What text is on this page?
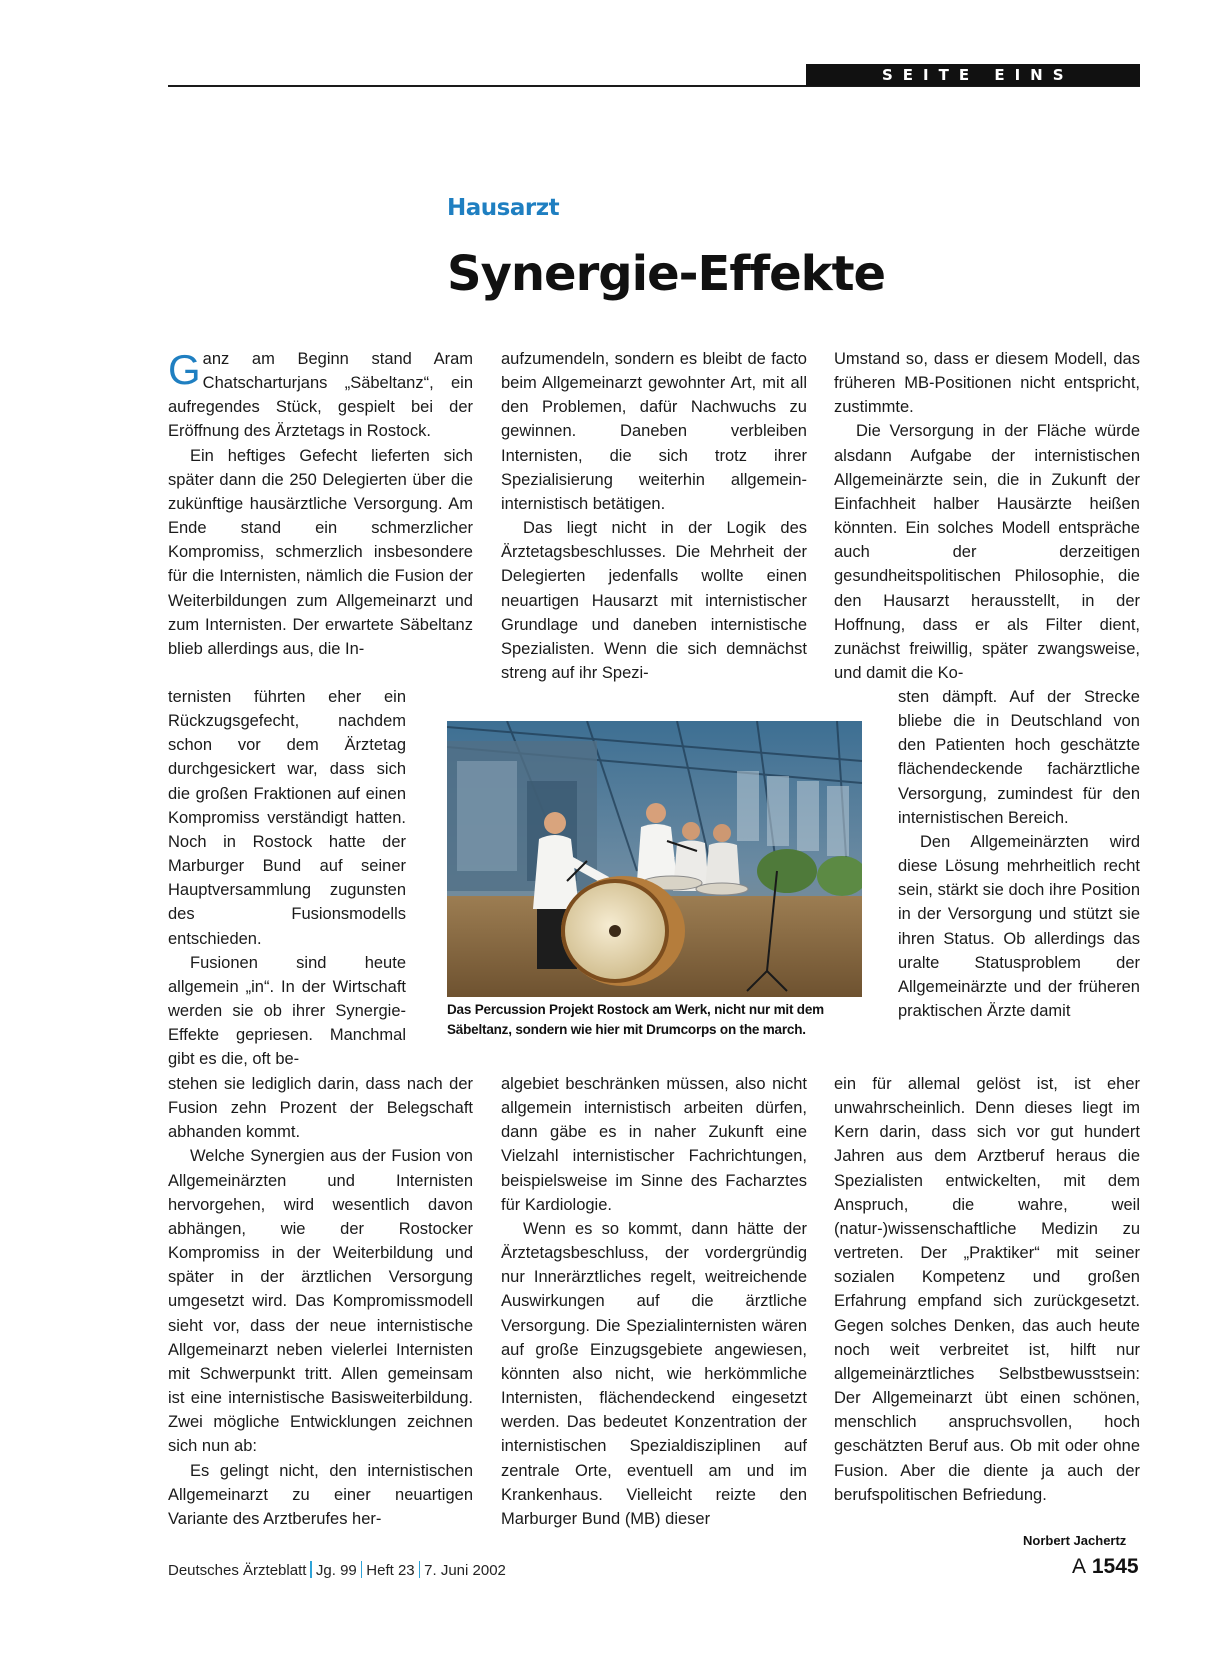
SEITE EINS
Hausarzt
Synergie-Effekte

Ganz am Beginn stand Aram Chatscharturjans „Säbeltanz“, ein aufregendes Stück, gespielt bei der Eröffnung des Ärztetags in Rostock.

Ein heftiges Gefecht lieferten sich später dann die 250 Delegierten über die zukünftige hausärztliche Versorgung. Am Ende stand ein schmerzlicher Kompromiss, schmerzlich insbesondere für die Internisten, nämlich die Fusion der Weiterbildungen zum Allgemeinarzt und zum Internisten. Der erwartete Säbeltanz blieb allerdings aus, die In-

ternisten führten eher ein Rückzugsgefecht, nachdem schon vor dem Ärztetag durchgesickert war, dass sich die großen Fraktionen auf einen Kompromiss verständigt hatten. Noch in Rostock hatte der Marburger Bund auf seiner Hauptversammlung zugunsten des Fusionsmodells entschieden.

Fusionen sind heute allgemein „in“. In der Wirtschaft werden sie ob ihrer Synergie-Effekte gepriesen. Manchmal gibt es die, oft be-

stehen sie lediglich darin, dass nach der Fusion zehn Prozent der Belegschaft abhanden kommt.

Welche Synergien aus der Fusion von Allgemeinärzten und Internisten hervorgehen, wird wesentlich davon abhängen, wie der Rostocker Kompromiss in der Weiterbildung und später in der ärztlichen Versorgung umgesetzt wird. Das Kompromissmodell sieht vor, dass der neue internistische Allgemeinarzt neben vielerlei Internisten mit Schwerpunkt tritt. Allen gemeinsam ist eine internistische Basisweiterbildung. Zwei mögliche Entwicklungen zeichnen sich nun ab:

Es gelingt nicht, den internistischen Allgemeinarzt zu einer neuartigen Variante des Arztberufes her-

aufzumendeln, sondern es bleibt de facto beim Allgemeinarzt gewohnter Art, mit all den Problemen, dafür Nachwuchs zu gewinnen. Daneben verbleiben Internisten, die sich trotz ihrer Spezialisierung weiterhin allgemein-internistisch betätigen.

Das liegt nicht in der Logik des Ärztetagsbeschlusses. Die Mehrheit der Delegierten jedenfalls wollte einen neuartigen Hausarzt mit internistischer Grundlage und daneben internistische Spezialisten. Wenn die sich demnächst streng auf ihr Spezi-

algebiet beschränken müssen, also nicht allgemein internistisch arbeiten dürfen, dann gäbe es in naher Zukunft eine Vielzahl internistischer Fachrichtungen, beispielsweise im Sinne des Facharztes für Kardiologie.

Wenn es so kommt, dann hätte der Ärztetagsbeschluss, der vordergründig nur Innerärztliches regelt, weitreichende Auswirkungen auf die ärztliche Versorgung. Die Spezialinternisten wären auf große Einzugsgebiete angewiesen, könnten also nicht, wie herkömmliche Internisten, flächendeckend eingesetzt werden. Das bedeutet Konzentration der internistischen Spezialdisziplinen auf zentrale Orte, eventuell am und im Krankenhaus. Vielleicht reizte den Marburger Bund (MB) dieser

Umstand so, dass er diesem Modell, das früheren MB-Positionen nicht entspricht, zustimmte.

Die Versorgung in der Fläche würde alsdann Aufgabe der internistischen Allgemeinärzte sein, die in Zukunft der Einfachheit halber Hausärzte heißen könnten. Ein solches Modell entspräche auch der derzeitigen gesundheitspolitischen Philosophie, die den Hausarzt herausstellt, in der Hoffnung, dass er als Filter dient, zunächst freiwillig, später zwangsweise, und damit die Ko-

sten dämpft. Auf der Strecke bliebe die in Deutschland von den Patienten hoch geschätzte flächendeckende fachärztliche Versorgung, zumindest für den internistischen Bereich.

Den Allgemeinärzten wird diese Lösung mehrheitlich recht sein, stärkt sie doch ihre Position in der Versorgung und stützt sie ihren Status. Ob allerdings das uralte Statusproblem der Allgemeinärzte und der früheren praktischen Ärzte damit

ein für allemal gelöst ist, ist eher unwahrscheinlich. Denn dieses liegt im Kern darin, dass sich vor gut hundert Jahren aus dem Arztberuf heraus die Spezialisten entwickelten, mit dem Anspruch, die wahre, weil (natur-)wissenschaftliche Medizin zu vertreten. Der „Praktiker“ mit seiner sozialen Kompetenz und großen Erfahrung empfand sich zurückgesetzt. Gegen solches Denken, das auch heute noch weit verbreitet ist, hilft nur allgemeinärztliches Selbstbewusstsein: Der Allgemeinarzt übt einen schönen, menschlich anspruchsvollen, hoch geschätzten Beruf aus. Ob mit oder ohne Fusion. Aber die diente ja auch der berufspolitischen Befriedung.

Das Percussion Projekt Rostock am Werk, nicht nur mit dem Säbeltanz, sondern wie hier mit Drumcorps on the march.
Norbert Jachertz
Deutsches Ärzteblatt Jg. 99 Heft 23 7. Juni 2002	A 1545
